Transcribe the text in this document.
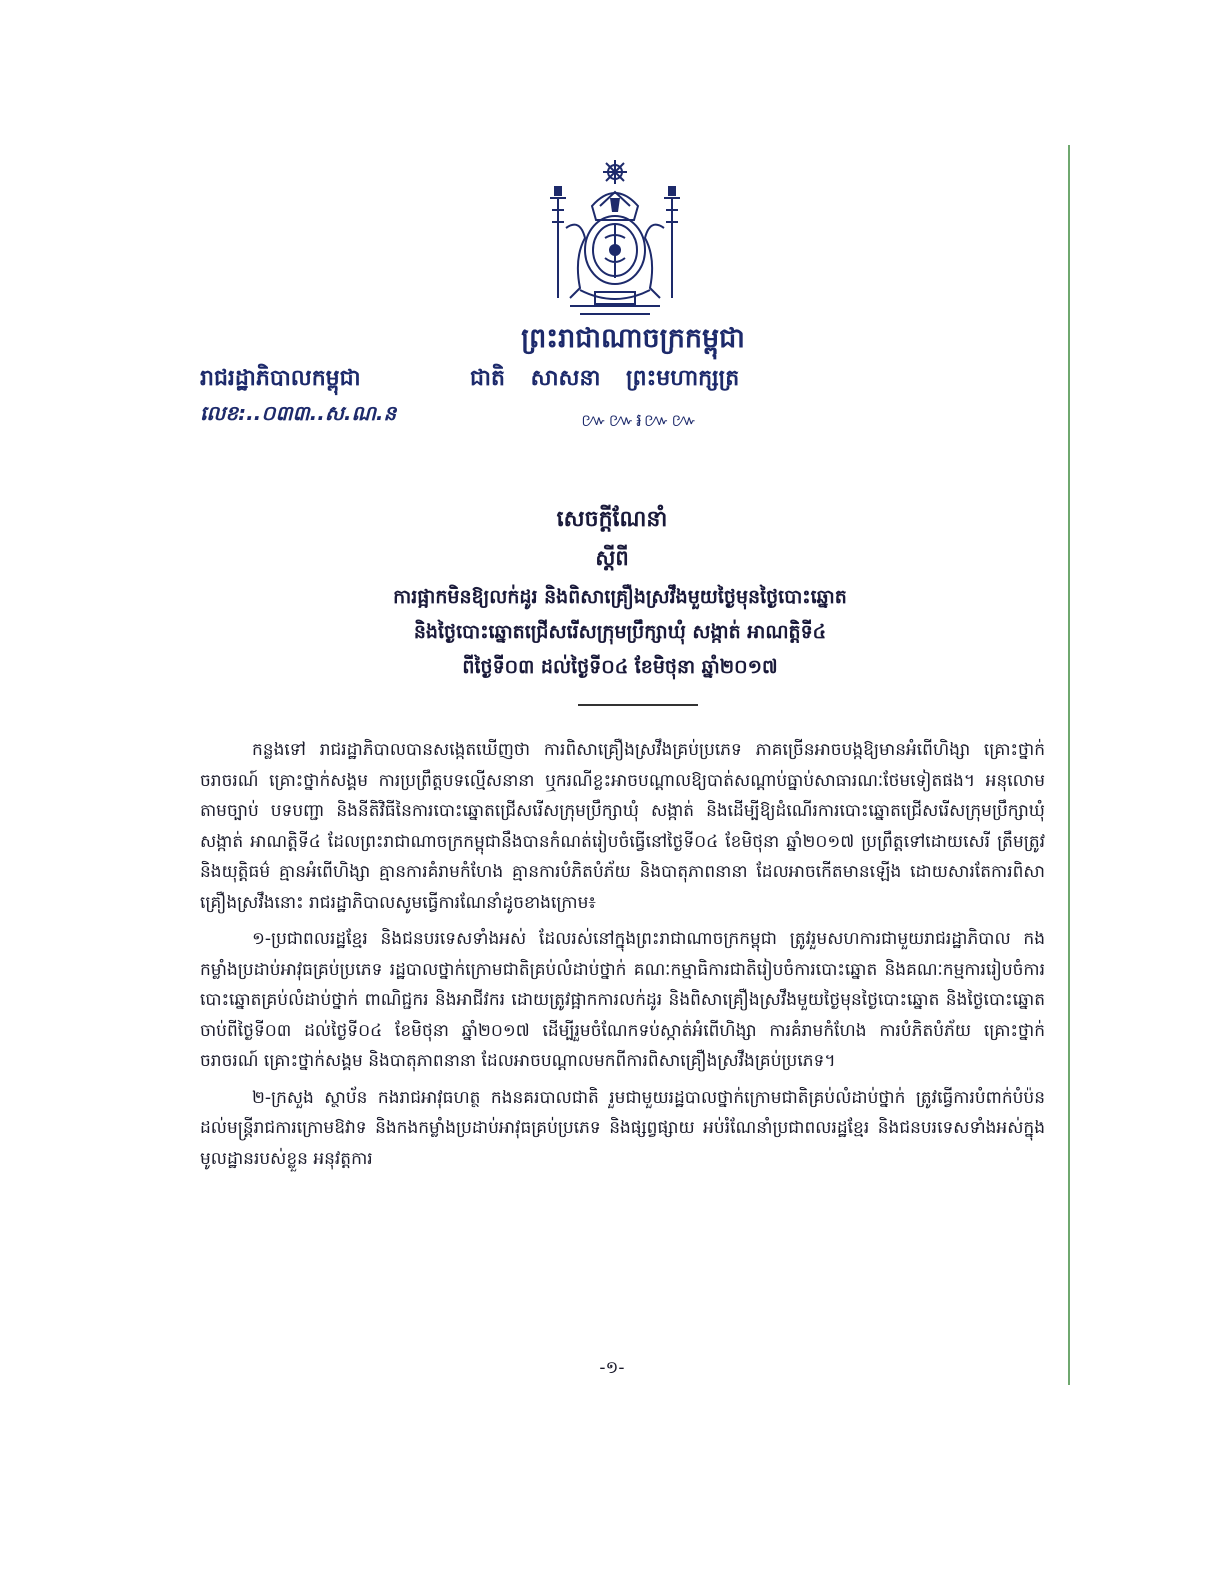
ព្រះរាជាណាចក្រកម្ពុជា
រាជរដ្ឋាភិបាលកម្ពុជា	ជាតិ សាសនា ព្រះមហាក្សត្រ
លេខ:..០៣៣..ស.ណ.ន	៚៚៛៚៚
សេចក្តីណែនាំ
ស្តីពី
ការផ្អាកមិនឱ្យលក់ដូរ និងពិសាគ្រឿងស្រវឹងមួយថ្ងៃមុនថ្ងៃបោះឆ្នោត
និងថ្ងៃបោះឆ្នោតជ្រើសរើសក្រុមប្រឹក្សាឃុំ សង្កាត់ អាណត្តិទី៤
ពីថ្ងៃទី០៣ ដល់ថ្ងៃទី០៤ ខែមិថុនា ឆ្នាំ២០១៧

កន្លងទៅ រាជរដ្ឋាភិបាលបានសង្កេតឃើញថា ការពិសាគ្រឿងស្រវឹងគ្រប់ប្រភេទ ភាគច្រើនអាចបង្កឱ្យមានអំពើហិង្សា គ្រោះថ្នាក់ចរាចរណ៍ គ្រោះថ្នាក់សង្គម ការប្រព្រឹត្តបទល្មើសនានា ឬករណីខ្លះអាចបណ្តាលឱ្យបាត់សណ្តាប់ធ្នាប់សាធារណៈថែមទៀតផង។ អនុលោមតាមច្បាប់ បទបញ្ជា និងនីតិវិធីនៃការបោះឆ្នោតជ្រើសរើសក្រុមប្រឹក្សាឃុំ សង្កាត់ និងដើម្បីឱ្យដំណើរការបោះឆ្នោតជ្រើសរើសក្រុមប្រឹក្សាឃុំ សង្កាត់ អាណត្តិទី៤ ដែលព្រះរាជាណាចក្រកម្ពុជានឹងបានកំណត់រៀបចំធ្វើនៅថ្ងៃទី០៤ ខែមិថុនា ឆ្នាំ២០១៧ ប្រព្រឹត្តទៅដោយសេរី ត្រឹមត្រូវ និងយុត្តិធម៌ គ្មានអំពើហិង្សា គ្មានការគំរាមកំហែង គ្មានការបំភិតបំភ័យ និងបាតុភាពនានា ដែលអាចកើតមានឡើង ដោយសារតែការពិសាគ្រឿងស្រវឹងនោះ រាជរដ្ឋាភិបាលសូមធ្វើការណែនាំដូចខាងក្រោម៖

១-ប្រជាពលរដ្ឋខ្មែរ និងជនបរទេសទាំងអស់ ដែលរស់នៅក្នុងព្រះរាជាណាចក្រកម្ពុជា ត្រូវរួមសហការជាមួយរាជរដ្ឋាភិបាល កងកម្លាំងប្រដាប់អាវុធគ្រប់ប្រភេទ រដ្ឋបាលថ្នាក់ក្រោមជាតិគ្រប់លំដាប់ថ្នាក់ គណៈកម្មាធិការជាតិរៀបចំការបោះឆ្នោត និងគណៈកម្មការរៀបចំការបោះឆ្នោតគ្រប់លំដាប់ថ្នាក់ ពាណិជ្ជករ និងអាជីវករ ដោយត្រូវផ្អាកការលក់ដូរ និងពិសាគ្រឿងស្រវឹងមួយថ្ងៃមុនថ្ងៃបោះឆ្នោត និងថ្ងៃបោះឆ្នោត ចាប់ពីថ្ងៃទី០៣ ដល់ថ្ងៃទី០៤ ខែមិថុនា ឆ្នាំ២០១៧ ដើម្បីរួមចំណែកទប់ស្កាត់អំពើហិង្សា ការគំរាមកំហែង ការបំភិតបំភ័យ គ្រោះថ្នាក់ចរាចរណ៍ គ្រោះថ្នាក់សង្គម និងបាតុភាពនានា ដែលអាចបណ្តាលមកពីការពិសាគ្រឿងស្រវឹងគ្រប់ប្រភេទ។

២-ក្រសួង ស្ថាប័ន កងរាជអាវុធហត្ថ កងនគរបាលជាតិ រួមជាមួយរដ្ឋបាលថ្នាក់ក្រោមជាតិគ្រប់លំដាប់ថ្នាក់ ត្រូវធ្វើការបំពាក់បំប៉នដល់មន្ត្រីរាជការក្រោមឱវាទ និងកងកម្លាំងប្រដាប់អាវុធគ្រប់ប្រភេទ និងផ្សព្វផ្សាយ អប់រំណែនាំប្រជាពលរដ្ឋខ្មែរ និងជនបរទេសទាំងអស់ក្នុងមូលដ្ឋានរបស់ខ្លួន អនុវត្តការ

-១-
